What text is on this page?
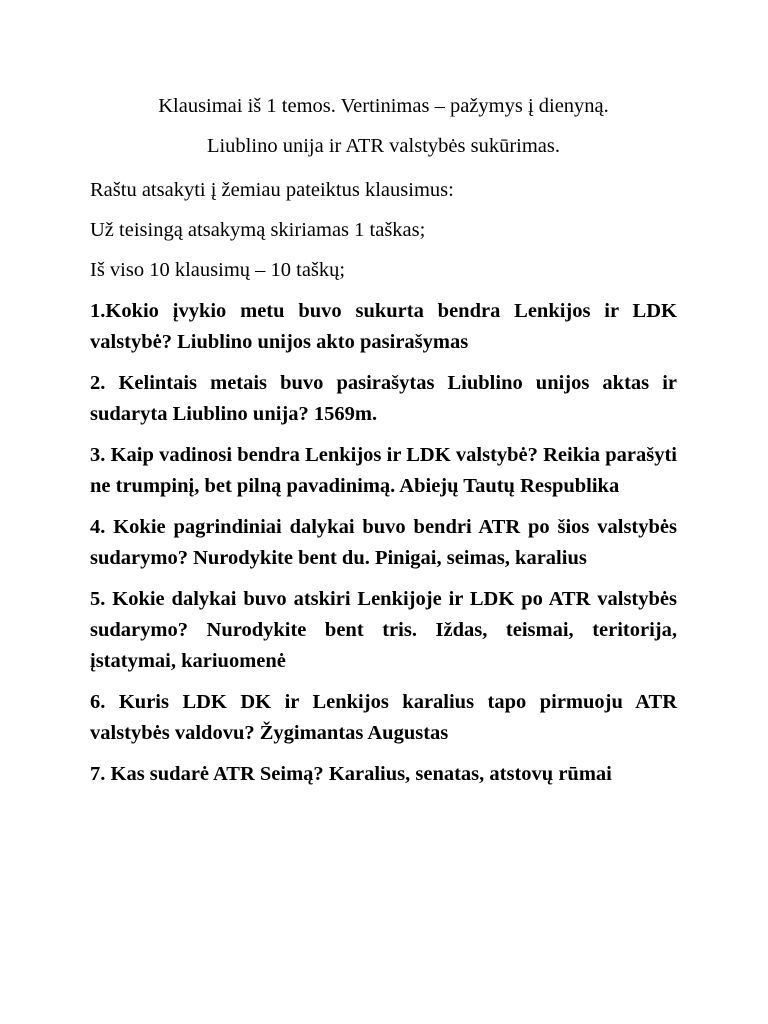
Klausimai iš 1 temos. Vertinimas – pažymys į dienyną.

Liublino unija ir ATR valstybės sukūrimas.

Raštu atsakyti į žemiau pateiktus klausimus:

Už teisingą atsakymą skiriamas 1 taškas;

Iš viso 10 klausimų – 10 taškų;

1.Kokio įvykio metu buvo sukurta bendra Lenkijos ir LDK valstybė? Liublino unijos akto pasirašymas

2. Kelintais metais buvo pasirašytas Liublino unijos aktas ir sudaryta Liublino unija? 1569m.

3. Kaip vadinosi bendra Lenkijos ir LDK valstybė? Reikia parašyti ne trumpinį, bet pilną pavadinimą. Abiejų Tautų Respublika

4. Kokie pagrindiniai dalykai buvo bendri ATR po šios valstybės sudarymo? Nurodykite bent du. Pinigai, seimas, karalius

5. Kokie dalykai buvo atskiri Lenkijoje ir LDK po ATR valstybės sudarymo? Nurodykite bent tris. Iždas, teismai, teritorija, įstatymai, kariuomenė

6. Kuris LDK DK ir Lenkijos karalius tapo pirmuoju ATR valstybės valdovu? Žygimantas Augustas

7. Kas sudarė ATR Seimą? Karalius, senatas, atstovų rūmai
